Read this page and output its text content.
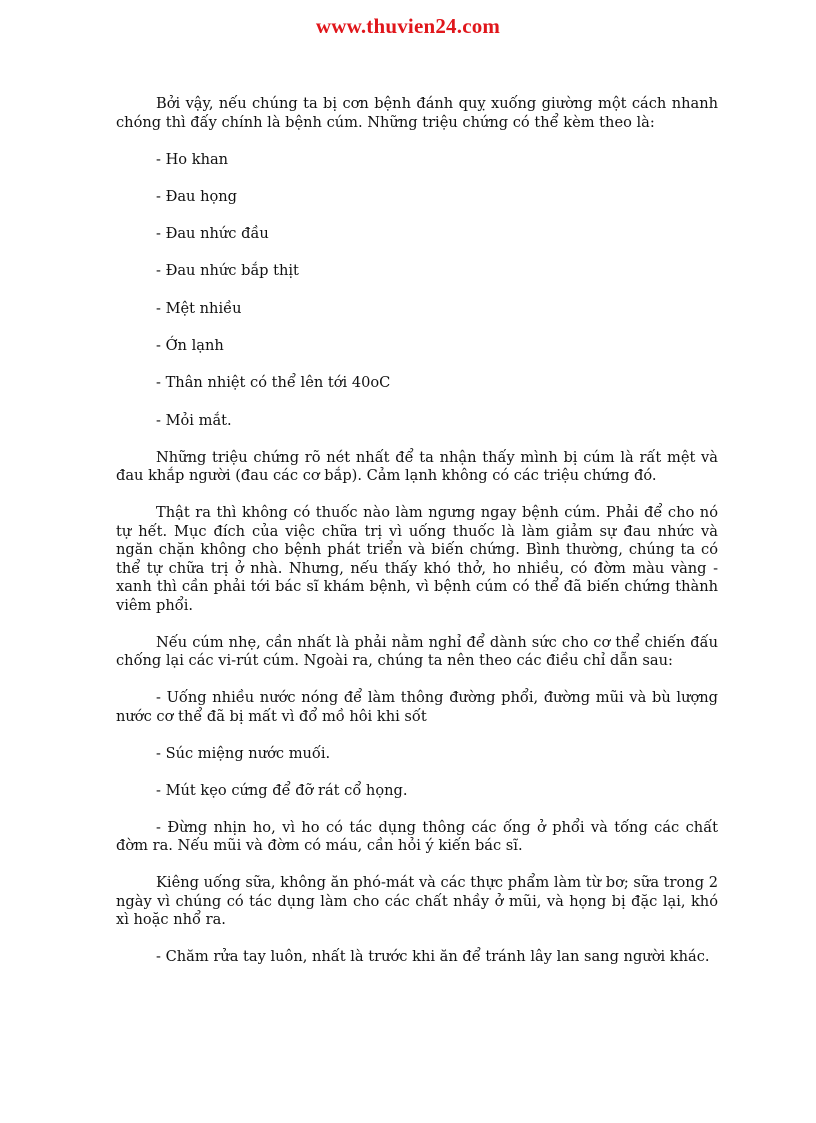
www.thuvien24.com

Bởi vậy, nếu chúng ta bị cơn bệnh đánh quỵ xuống giường một cách nhanh chóng thì đấy chính là bệnh cúm. Những triệu chứng có thể kèm theo là:

- Ho khan

- Đau họng

- Đau nhức đầu

- Đau nhức bắp thịt

- Mệt nhiều

- Ớn lạnh

- Thân nhiệt có thể lên tới 40oC

- Mỏi mắt.

Những triệu chứng rõ nét nhất để ta nhận thấy mình bị cúm là rất mệt và đau khắp người (đau các cơ bắp). Cảm lạnh không có các triệu chứng đó.

Thật ra thì không có thuốc nào làm ngưng ngay bệnh cúm. Phải để cho nó tự hết. Mục đích của việc chữa trị vì uống thuốc là làm giảm sự đau nhức và ngăn chặn không cho bệnh phát triển và biến chứng. Bình thường, chúng ta có thể tự chữa trị ở nhà. Nhưng, nếu thấy khó thở, ho nhiều, có đờm màu vàng - xanh thì cần phải tới bác sĩ khám bệnh, vì bệnh cúm có thể đã biến chứng thành viêm phổi.

Nếu cúm nhẹ, cần nhất là phải nằm nghỉ để dành sức cho cơ thể chiến đấu chống lại các vi-rút cúm. Ngoài ra, chúng ta nên theo các điều chỉ dẫn sau:

- Uống nhiều nước nóng để làm thông đường phổi, đường mũi và bù lượng nước cơ thể đã bị mất vì đổ mồ hôi khi sốt

- Súc miệng nước muối.

- Mút kẹo cứng để đỡ rát cổ họng.

- Đừng nhịn ho, vì ho có tác dụng thông các ống ở phổi và tống các chất đờm ra. Nếu mũi và đờm có máu, cần hỏi ý kiến bác sĩ.

Kiêng uống sữa, không ăn phó-mát và các thực phẩm làm từ bơ; sữa trong 2 ngày vì chúng có tác dụng làm cho các chất nhầy ở mũi, và họng bị đặc lại, khó xì hoặc nhổ ra.

- Chăm rửa tay luôn, nhất là trước khi ăn để tránh lây lan sang người khác.
